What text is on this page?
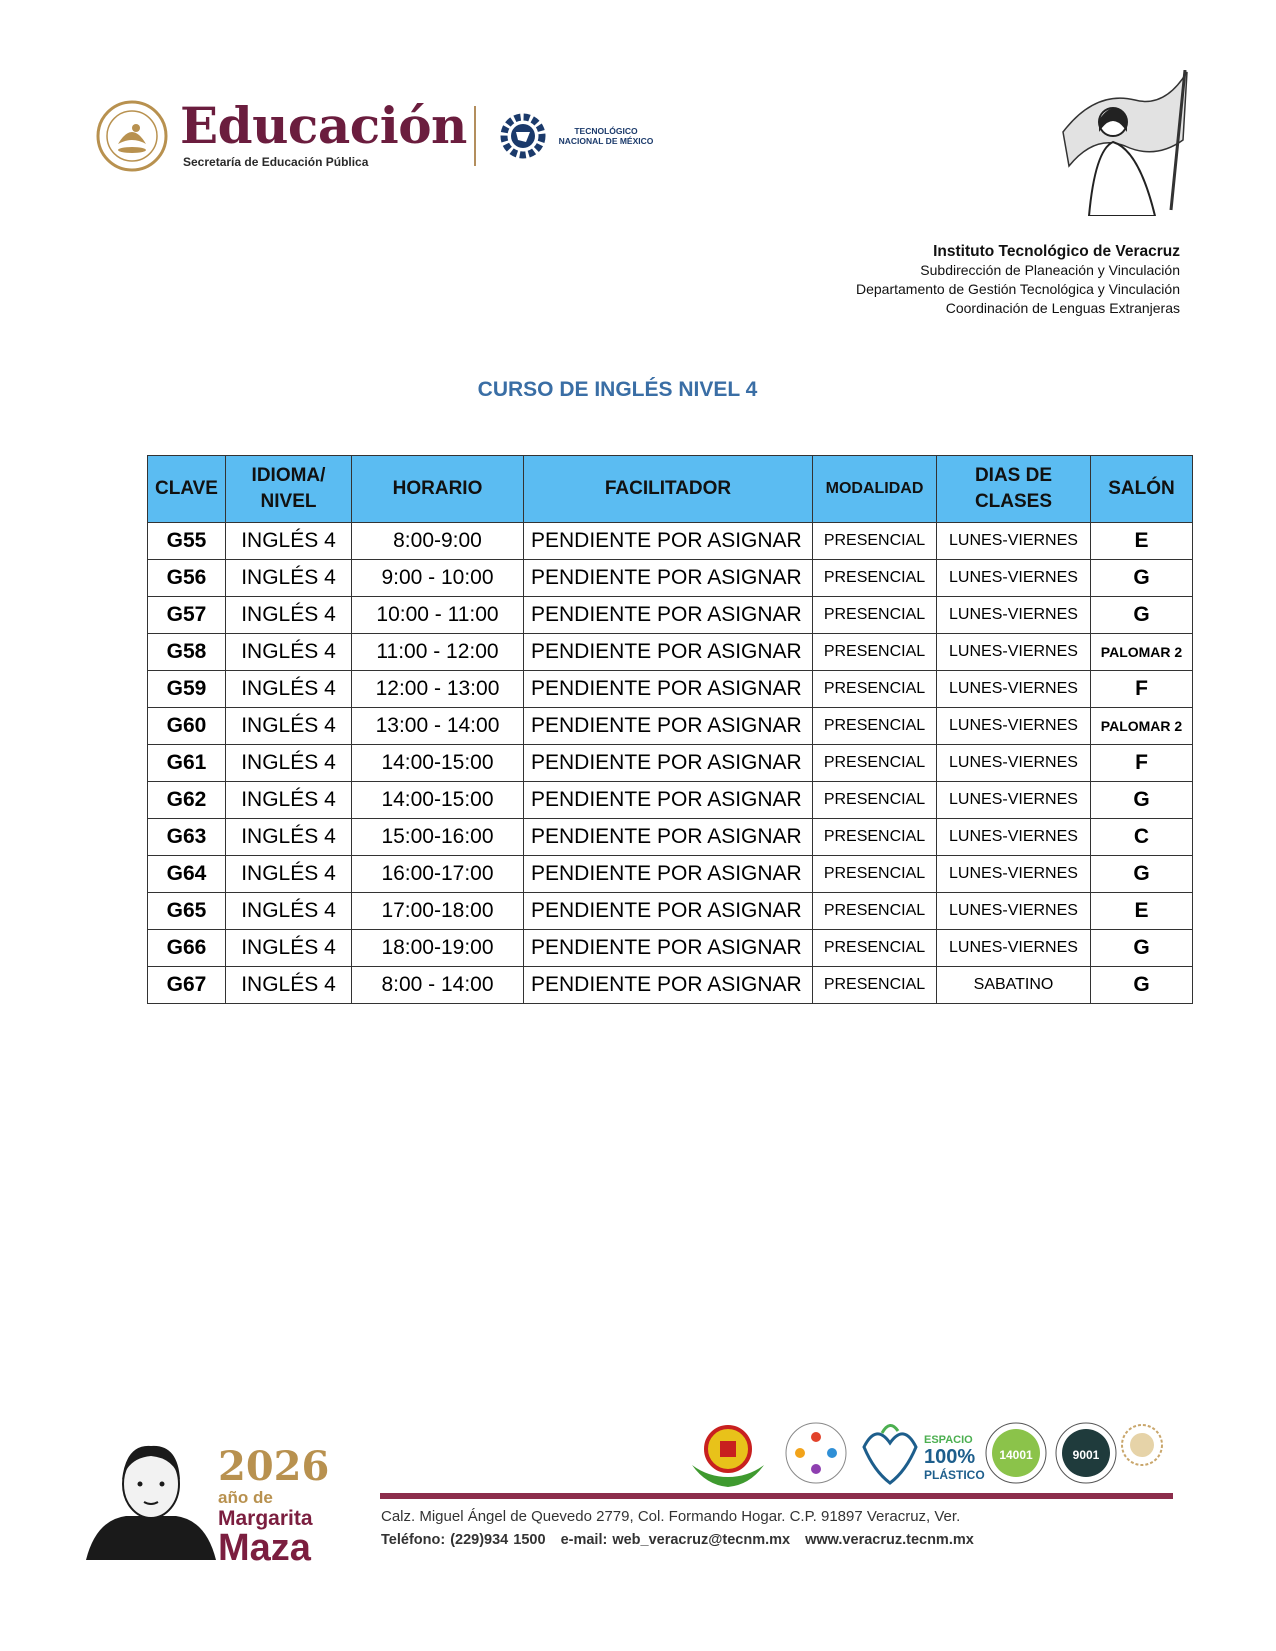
Educación
Secretaría de Educación Pública
TECNOLÓGICO NACIONAL DE MÉXICO
Instituto Tecnológico de Veracruz
Subdirección de Planeación y Vinculación
Departamento de Gestión Tecnológica y Vinculación
Coordinación de Lenguas Extranjeras
CURSO DE INGLÉS NIVEL 4
CLAVE	IDIOMA/ NIVEL	HORARIO	FACILITADOR	MODALIDAD	DIAS DE CLASES	SALÓN
G55	INGLÉS 4	8:00-9:00	PENDIENTE POR ASIGNAR	PRESENCIAL	LUNES-VIERNES	E
G56	INGLÉS 4	9:00 - 10:00	PENDIENTE POR ASIGNAR	PRESENCIAL	LUNES-VIERNES	G
G57	INGLÉS 4	10:00 - 11:00	PENDIENTE POR ASIGNAR	PRESENCIAL	LUNES-VIERNES	G
G58	INGLÉS 4	11:00 - 12:00	PENDIENTE POR ASIGNAR	PRESENCIAL	LUNES-VIERNES	PALOMAR 2
G59	INGLÉS 4	12:00 - 13:00	PENDIENTE POR ASIGNAR	PRESENCIAL	LUNES-VIERNES	F
G60	INGLÉS 4	13:00 - 14:00	PENDIENTE POR ASIGNAR	PRESENCIAL	LUNES-VIERNES	PALOMAR 2
G61	INGLÉS 4	14:00-15:00	PENDIENTE POR ASIGNAR	PRESENCIAL	LUNES-VIERNES	F
G62	INGLÉS 4	14:00-15:00	PENDIENTE POR ASIGNAR	PRESENCIAL	LUNES-VIERNES	G
G63	INGLÉS 4	15:00-16:00	PENDIENTE POR ASIGNAR	PRESENCIAL	LUNES-VIERNES	C
G64	INGLÉS 4	16:00-17:00	PENDIENTE POR ASIGNAR	PRESENCIAL	LUNES-VIERNES	G
G65	INGLÉS 4	17:00-18:00	PENDIENTE POR ASIGNAR	PRESENCIAL	LUNES-VIERNES	E
G66	INGLÉS 4	18:00-19:00	PENDIENTE POR ASIGNAR	PRESENCIAL	LUNES-VIERNES	G
G67	INGLÉS 4	8:00 - 14:00	PENDIENTE POR ASIGNAR	PRESENCIAL	SABATINO	G
2026
año de
Margarita
Maza
ESPACIO
100%
PLÁSTICO
14001	9001
Calz. Miguel Ángel de Quevedo 2779, Col. Formando Hogar. C.P. 91897 Veracruz, Ver.
Teléfono: (229)934 1500 e-mail: web_veracruz@tecnm.mx www.veracruz.tecnm.mx
